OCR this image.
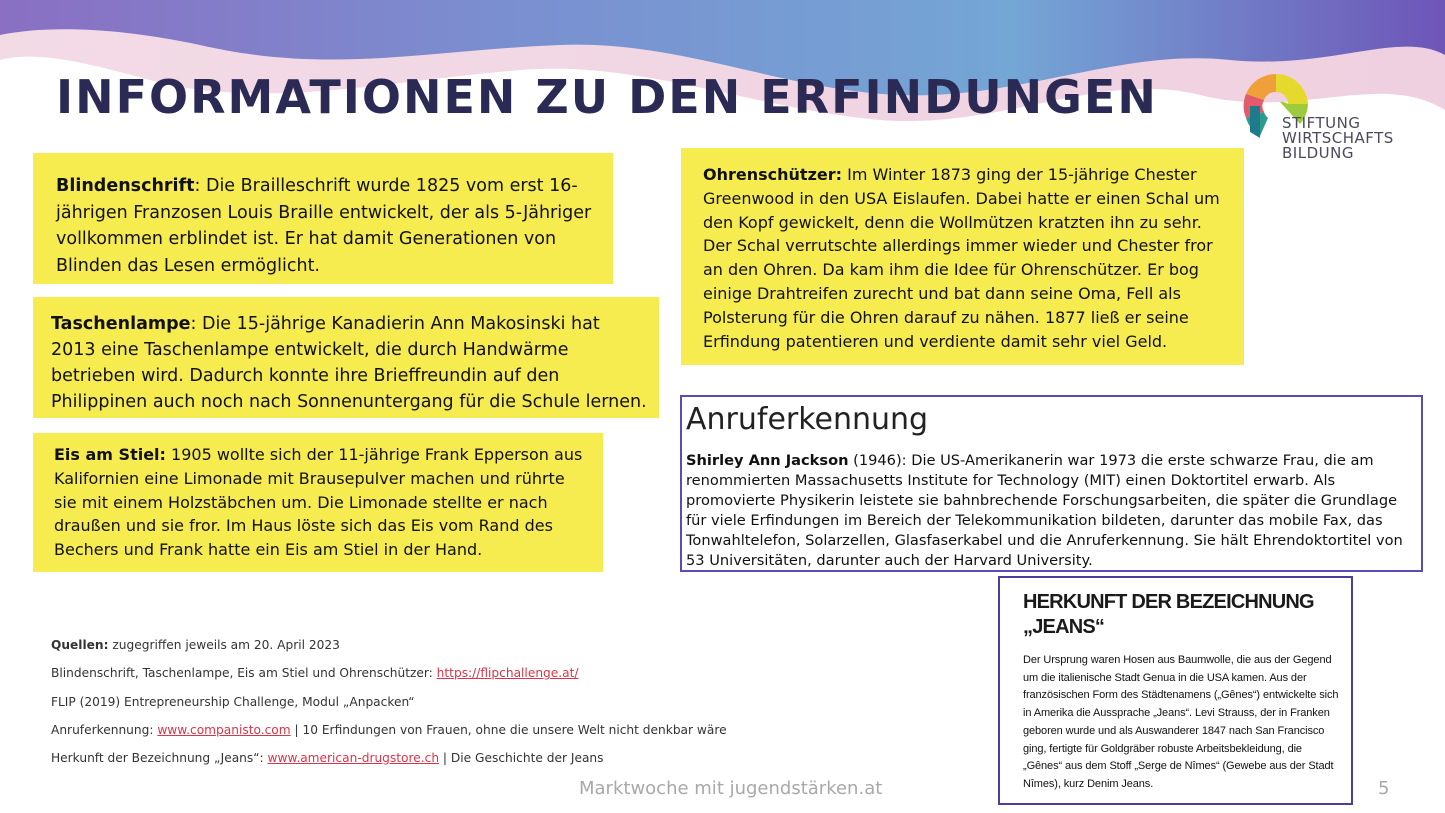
INFORMATIONEN ZU DEN ERFINDUNGEN	STIFTUNG
WIRTSCHAFTS
BILDUNG
Blindenschrift: Die Brailleschrift wurde 1825 vom erst 16-jährigen Franzosen Louis Braille entwickelt, der als 5-Jähriger vollkommen erblindet ist. Er hat damit Generationen von Blinden das Lesen ermöglicht.
Taschenlampe: Die 15-jährige Kanadierin Ann Makosinski hat 2013 eine Taschenlampe entwickelt, die durch Handwärme betrieben wird. Dadurch konnte ihre Brieffreundin auf den Philippinen auch noch nach Sonnenuntergang für die Schule lernen.
Eis am Stiel: 1905 wollte sich der 11-jährige Frank Epperson aus Kalifornien eine Limonade mit Brausepulver machen und rührte sie mit einem Holzstäbchen um. Die Limonade stellte er nach draußen und sie fror. Im Haus löste sich das Eis vom Rand des Bechers und Frank hatte ein Eis am Stiel in der Hand.
Ohrenschützer: Im Winter 1873 ging der 15-jährige Chester Greenwood in den USA Eislaufen. Dabei hatte er einen Schal um den Kopf gewickelt, denn die Wollmützen kratzten ihn zu sehr. Der Schal verrutschte allerdings immer wieder und Chester fror an den Ohren. Da kam ihm die Idee für Ohrenschützer. Er bog einige Drahtreifen zurecht und bat dann seine Oma, Fell als Polsterung für die Ohren darauf zu nähen. 1877 ließ er seine Erfindung patentieren und verdiente damit sehr viel Geld.
Anruferkennung
Shirley Ann Jackson (1946): Die US-Amerikanerin war 1973 die erste schwarze Frau, die am renommierten Massachusetts Institute for Technology (MIT) einen Doktortitel erwarb. Als promovierte Physikerin leistete sie bahnbrechende Forschungsarbeiten, die später die Grundlage für viele Erfindungen im Bereich der Telekommunikation bildeten, darunter das mobile Fax, das Tonwahltelefon, Solarzellen, Glasfaserkabel und die Anruferkennung. Sie hält Ehrendoktortitel von 53 Universitäten, darunter auch der Harvard University.
HERKUNFT DER BEZEICHNUNG
„JEANS“
Der Ursprung waren Hosen aus Baumwolle, die aus der Gegend um die italienische Stadt Genua in die USA kamen. Aus der französischen Form des Städtenamens („Gênes“) entwickelte sich in Amerika die Aussprache „Jeans“. Levi Strauss, der in Franken geboren wurde und als Auswanderer 1847 nach San Francisco ging, fertigte für Goldgräber robuste Arbeitsbekleidung, die „Gênes“ aus dem Stoff „Serge de Nîmes“ (Gewebe aus der Stadt Nîmes), kurz Denim Jeans.
Quellen: zugegriffen jeweils am 20. April 2023
Blindenschrift, Taschenlampe, Eis am Stiel und Ohrenschützer: https://flipchallenge.at/
FLIP (2019) Entrepreneurship Challenge, Modul „Anpacken“
Anruferkennung: www.companisto.com | 10 Erfindungen von Frauen, ohne die unsere Welt nicht denkbar wäre
Herkunft der Bezeichnung „Jeans“: www.american-drugstore.ch | Die Geschichte der Jeans
Marktwoche mit jugendstärken.at	5
